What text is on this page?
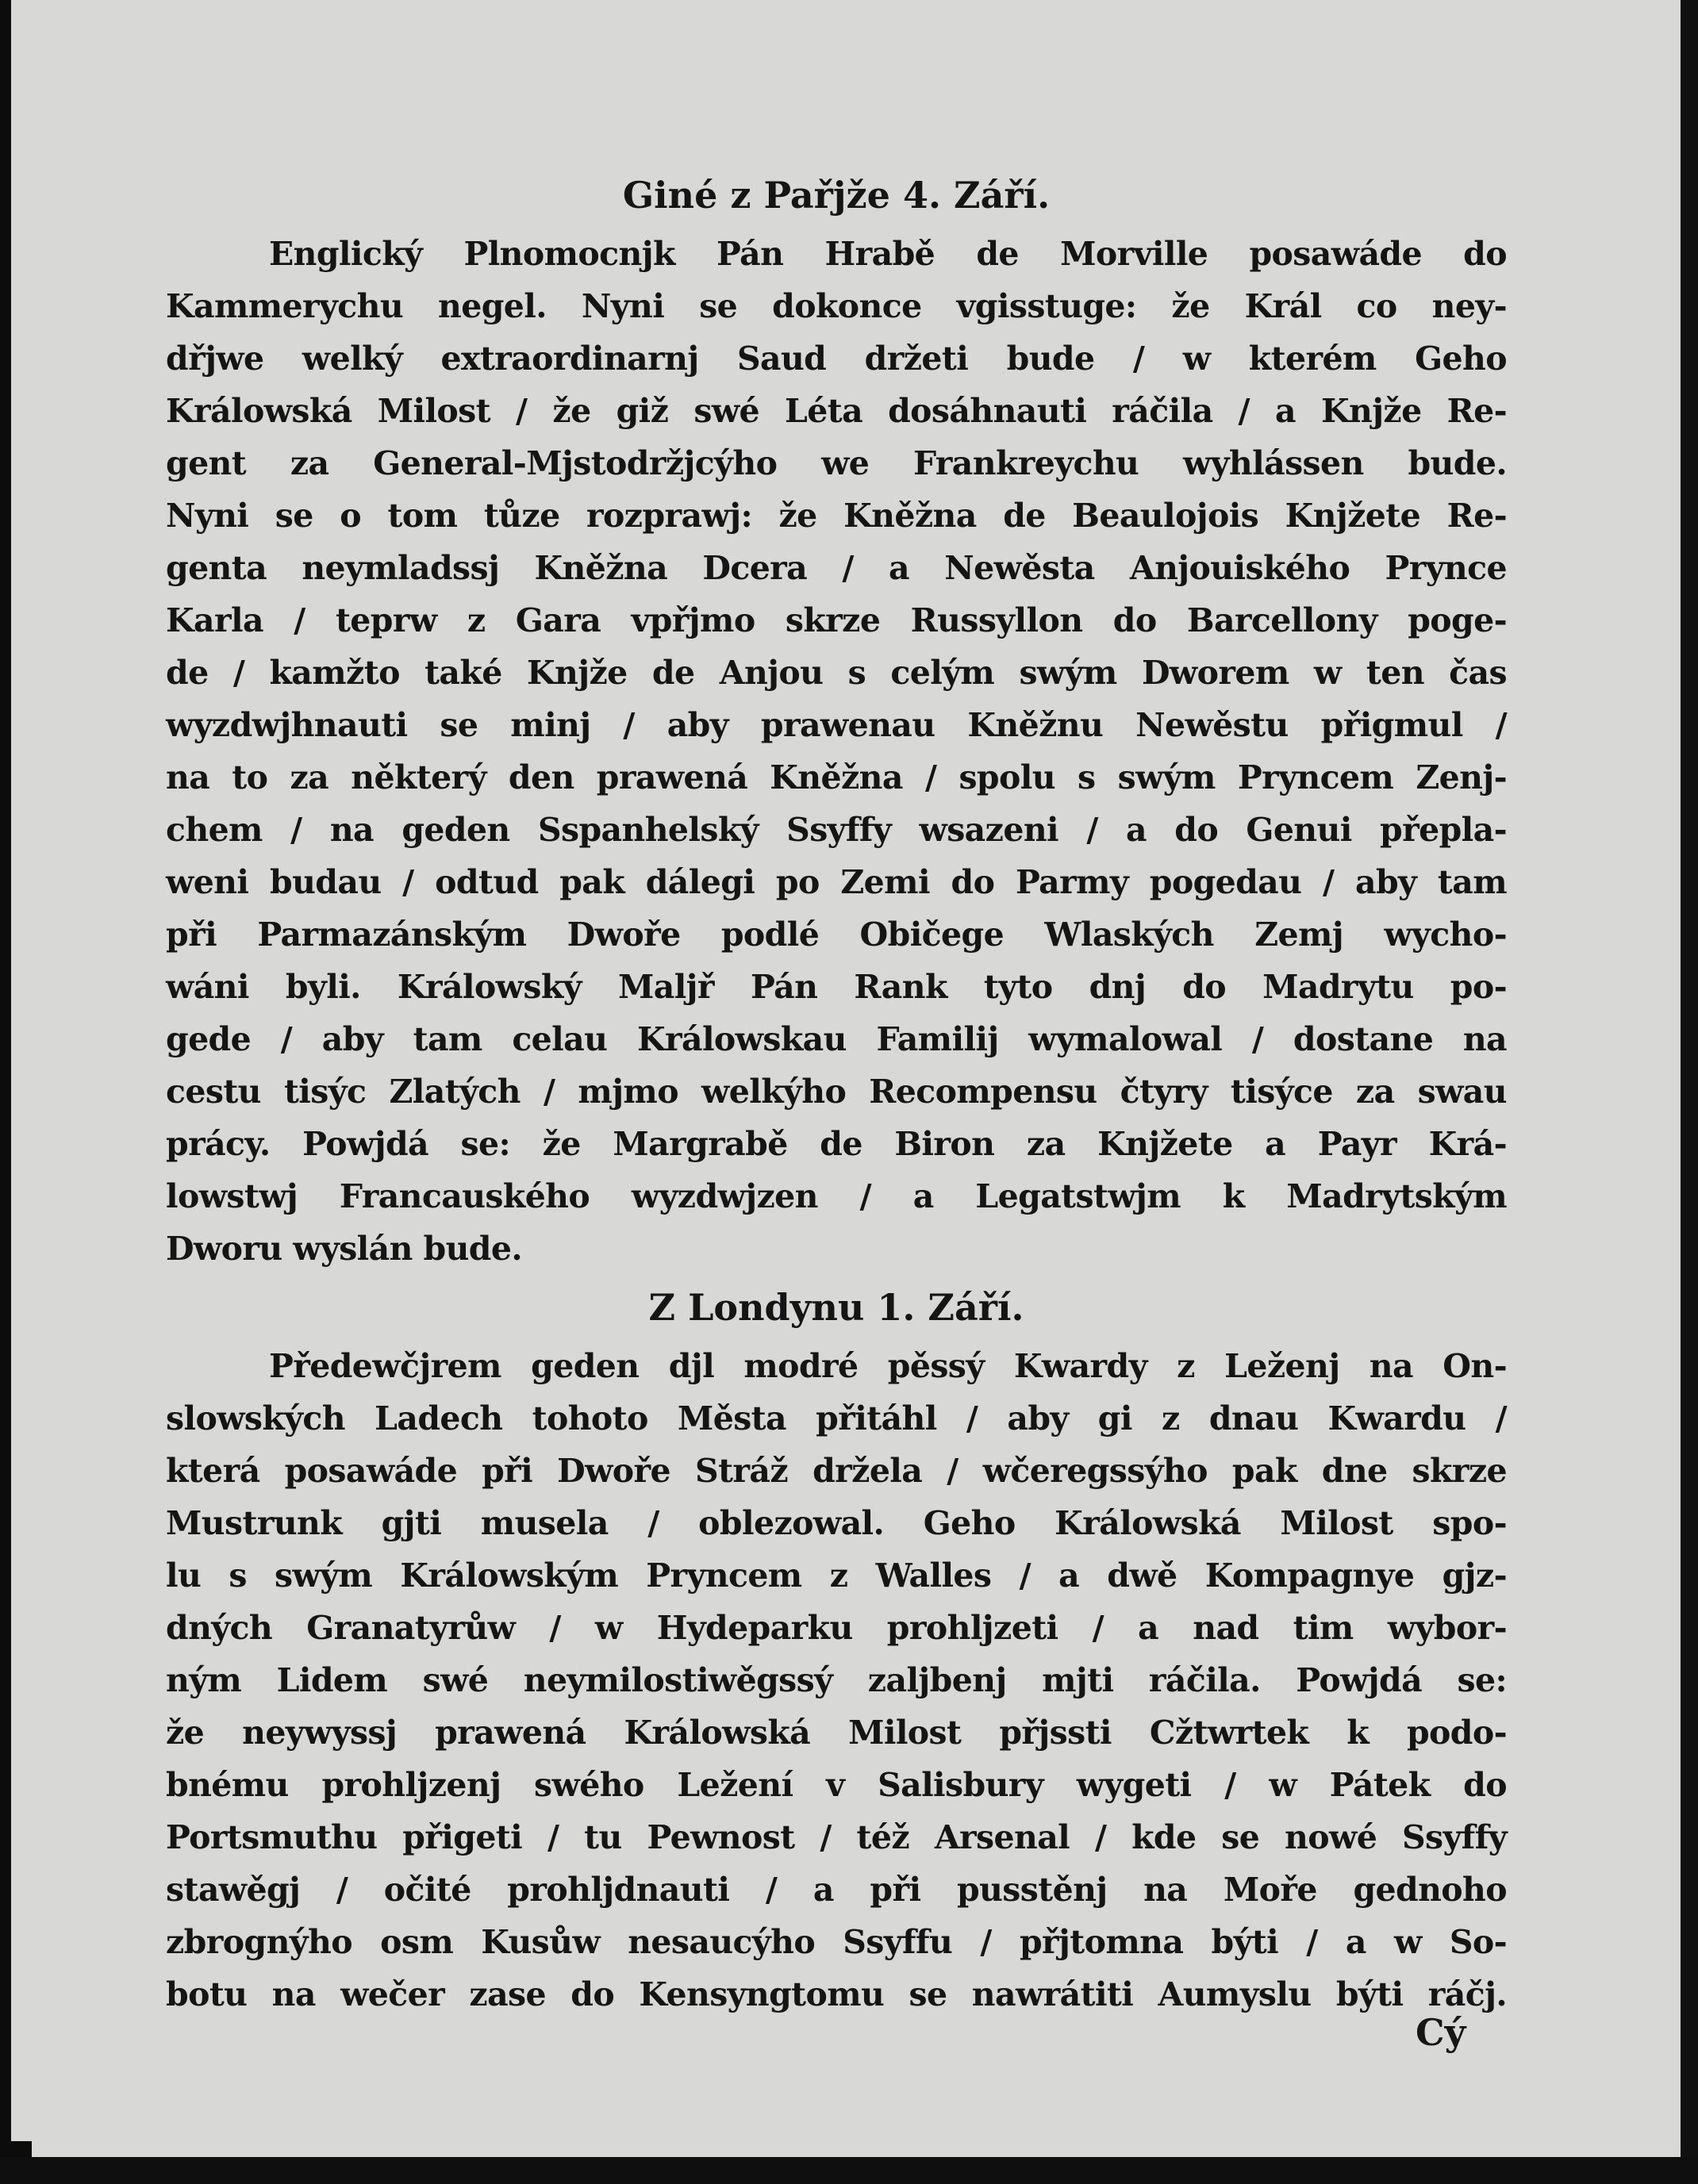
Giné z Pařjže 4. Září.
Englický Plnomocnjk Pán Hrabě de Morville posawáde do
Kammerychu negel. Nyni se dokonce vgisstuge: že Král co ney-
dřjwe welký extraordinarnj Saud držeti bude / w kterém Geho
Králowská Milost / že giž swé Léta dosáhnauti ráčila / a Knjže Re-
gent za General-Mjstodržjcýho we Frankreychu wyhlássen bude.
Nyni se o tom tůze rozprawj: že Kněžna de Beaulojois Knjžete Re-
genta neymladssj Kněžna Dcera / a Newěsta Anjouiského Prynce
Karla / teprw z Gara vpřjmo skrze Russyllon do Barcellony poge-
de / kamžto také Knjže de Anjou s celým swým Dworem w ten čas
wyzdwjhnauti se minj / aby prawenau Kněžnu Newěstu přigmul /
na to za některý den prawená Kněžna / spolu s swým Pryncem Zenj-
chem / na geden Sspanhelský Ssyffy wsazeni / a do Genui přepla-
weni budau / odtud pak dálegi po Zemi do Parmy pogedau / aby tam
při Parmazánským Dwoře podlé Običege Wlaských Zemj wycho-
wáni byli. Králowský Maljř Pán Rank tyto dnj do Madrytu po-
gede / aby tam celau Králowskau Familij wymalowal / dostane na
cestu tisýc Zlatých / mjmo welkýho Recompensu čtyry tisýce za swau
prácy. Powjdá se: že Margrabě de Biron za Knjžete a Payr Krá-
lowstwj Francauského wyzdwjzen / a Legatstwjm k Madrytským
Dworu wyslán bude.
Z Londynu 1. Září.
Předewčjrem geden djl modré pěssý Kwardy z Leženj na On-
slowských Ladech tohoto Města přitáhl / aby gi z dnau Kwardu /
která posawáde při Dwoře Stráž držela / wčeregssýho pak dne skrze
Mustrunk gjti musela / oblezowal. Geho Králowská Milost spo-
lu s swým Králowským Pryncem z Walles / a dwě Kompagnye gjz-
dných Granatyrůw / w Hydeparku prohljzeti / a nad tim wybor-
ným Lidem swé neymilostiwěgssý zaljbenj mjti ráčila. Powjdá se:
že neywyssj prawená Králowská Milost přjssti Cžtwrtek k podo-
bnému prohljzenj swého Ležení v Salisbury wygeti / w Pátek do
Portsmuthu přigeti / tu Pewnost / též Arsenal / kde se nowé Ssyffy
stawěgj / očité prohljdnauti / a při pusstěnj na Moře gednoho
zbrognýho osm Kusůw nesaucýho Ssyffu / přjtomna býti / a w So-
botu na wečer zase do Kensyngtomu se nawrátiti Aumyslu býti ráčj.
Cý
